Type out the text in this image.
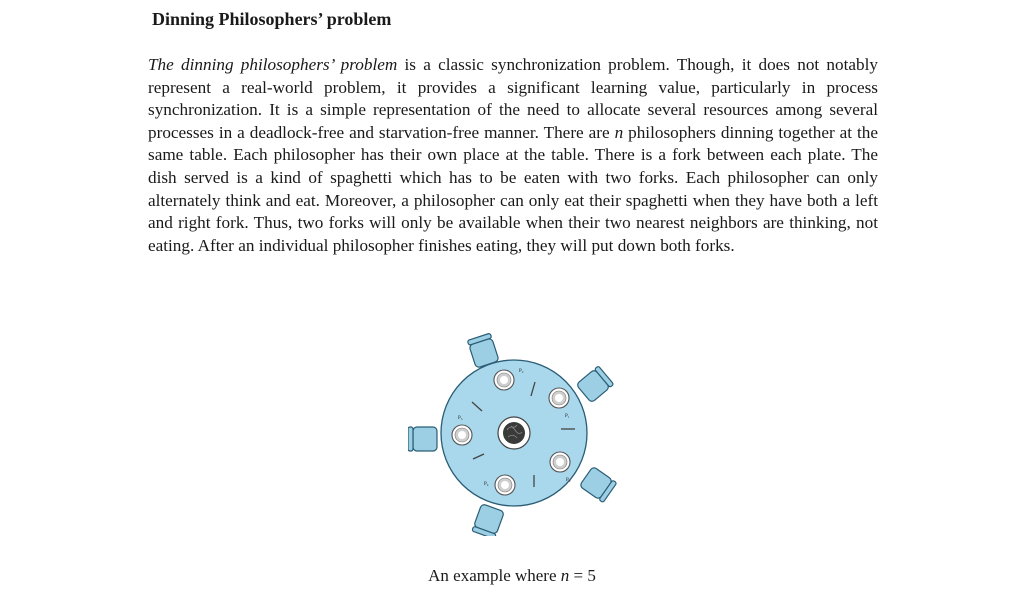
Dinning Philosophers’ problem

The dinning philosophers’ problem is a classic synchronization problem. Though, it does not notably represent a real-world problem, it provides a significant learning value, particularly in process synchronization. It is a simple representation of the need to allocate several resources among several processes in a deadlock-free and starvation-free manner. There are n philosophers dinning together at the same table. Each philosopher has their own place at the table. There is a fork between each plate. The dish served is a kind of spaghetti which has to be eaten with two forks. Each philosopher can only alternately think and eat. Moreover, a philosopher can only eat their spaghetti when they have both a left and right fork. Thus, two forks will only be available when their two nearest neighbors are thinking, not eating. After an individual philosopher finishes eating, they will put down both forks.

P₂
P₁
P₃
P₀
P₄
An example where n = 5
